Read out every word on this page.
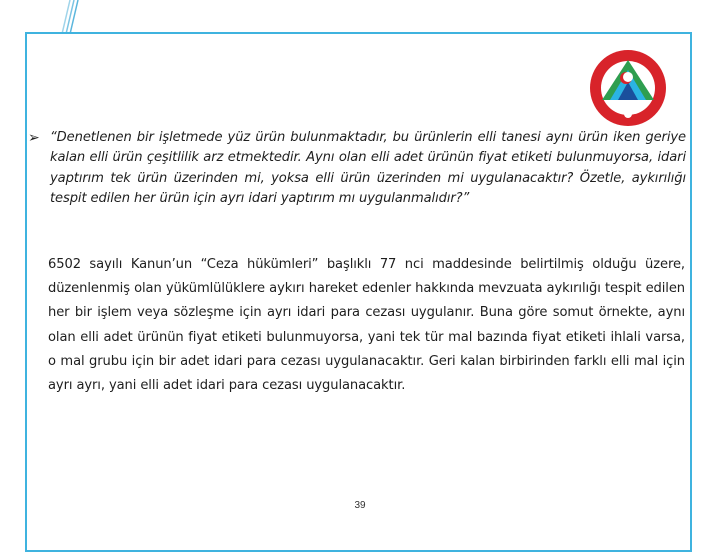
➢ “Denetlenen bir işletmede yüz ürün bulunmaktadır, bu ürünlerin elli tanesi aynı ürün iken geriye kalan elli ürün çeşitlilik arz etmektedir. Aynı olan elli adet ürünün fiyat etiketi bulunmuyorsa, idari yaptırım tek ürün üzerinden mi, yoksa elli ürün üzerinden mi uygulanacaktır? Özetle, aykırılığı tespit edilen her ürün için ayrı idari yaptırım mı uygulanmalıdır?”

6502 sayılı Kanun’un “Ceza hükümleri” başlıklı 77 nci maddesinde belirtilmiş olduğu üzere, düzenlenmiş olan yükümlülüklere aykırı hareket edenler hakkında mevzuata aykırılığı tespit edilen her bir işlem veya sözleşme için ayrı idari para cezası uygulanır. Buna göre somut örnekte, aynı olan elli adet ürünün fiyat etiketi bulunmuyorsa, yani tek tür mal bazında fiyat etiketi ihlali varsa, o mal grubu için bir adet idari para cezası uygulanacaktır. Geri kalan birbirinden farklı elli mal için ayrı ayrı, yani elli adet idari para cezası uygulanacaktır.

39
